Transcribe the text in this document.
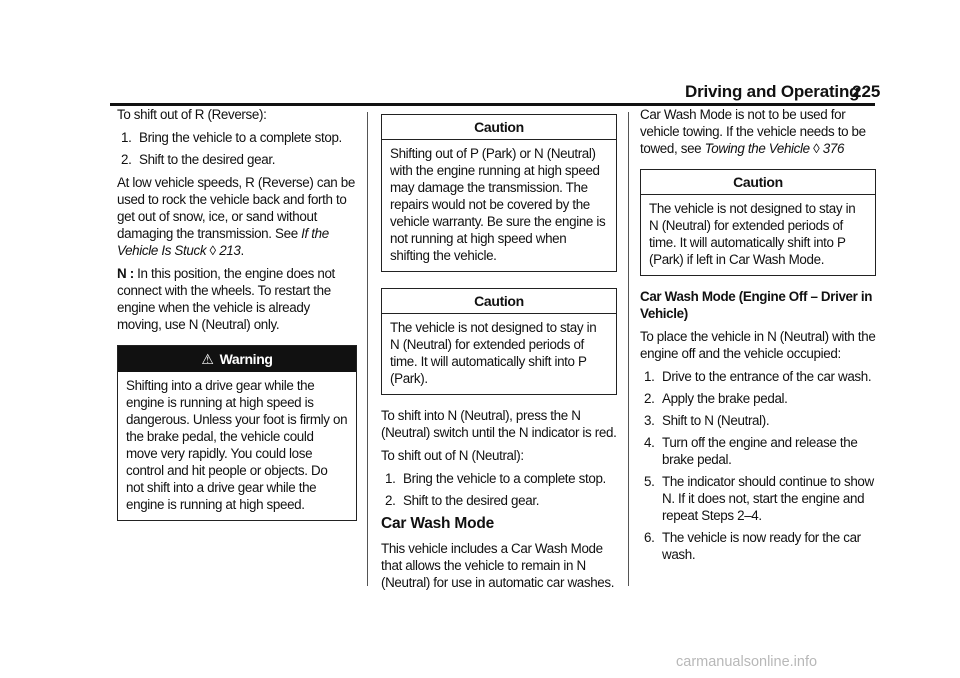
Driving and Operating
225

To shift out of R (Reverse):

1. Bring the vehicle to a complete stop.
2. Shift to the desired gear.

At low vehicle speeds, R (Reverse) can be used to rock the vehicle back and forth to get out of snow, ice, or sand without damaging the transmission. See If the Vehicle Is Stuck ◊ 213.

N : In this position, the engine does not connect with the wheels. To restart the engine when the vehicle is already moving, use N (Neutral) only.

⚠ Warning
Shifting into a drive gear while the engine is running at high speed is dangerous. Unless your foot is firmly on the brake pedal, the vehicle could move very rapidly. You could lose control and hit people or objects. Do not shift into a drive gear while the engine is running at high speed.
Caution
Shifting out of P (Park) or N (Neutral) with the engine running at high speed may damage the transmission. The repairs would not be covered by the vehicle warranty. Be sure the engine is not running at high speed when shifting the vehicle.
Caution
The vehicle is not designed to stay in N (Neutral) for extended periods of time. It will automatically shift into P (Park).

To shift into N (Neutral), press the N (Neutral) switch until the N indicator is red.

To shift out of N (Neutral):

1. Bring the vehicle to a complete stop.
2. Shift to the desired gear.
Car Wash Mode

This vehicle includes a Car Wash Mode that allows the vehicle to remain in N (Neutral) for use in automatic car washes.

Car Wash Mode is not to be used for vehicle towing. If the vehicle needs to be towed, see Towing the Vehicle ◊ 376

Caution
The vehicle is not designed to stay in N (Neutral) for extended periods of time. It will automatically shift into P (Park) if left in Car Wash Mode.

Car Wash Mode (Engine Off – Driver in Vehicle)

To place the vehicle in N (Neutral) with the engine off and the vehicle occupied:

1. Drive to the entrance of the car wash.
2. Apply the brake pedal.
3. Shift to N (Neutral).
4. Turn off the engine and release the brake pedal.
5. The indicator should continue to show N. If it does not, start the engine and repeat Steps 2–4.
6. The vehicle is now ready for the car wash.
carmanualsonline.info
